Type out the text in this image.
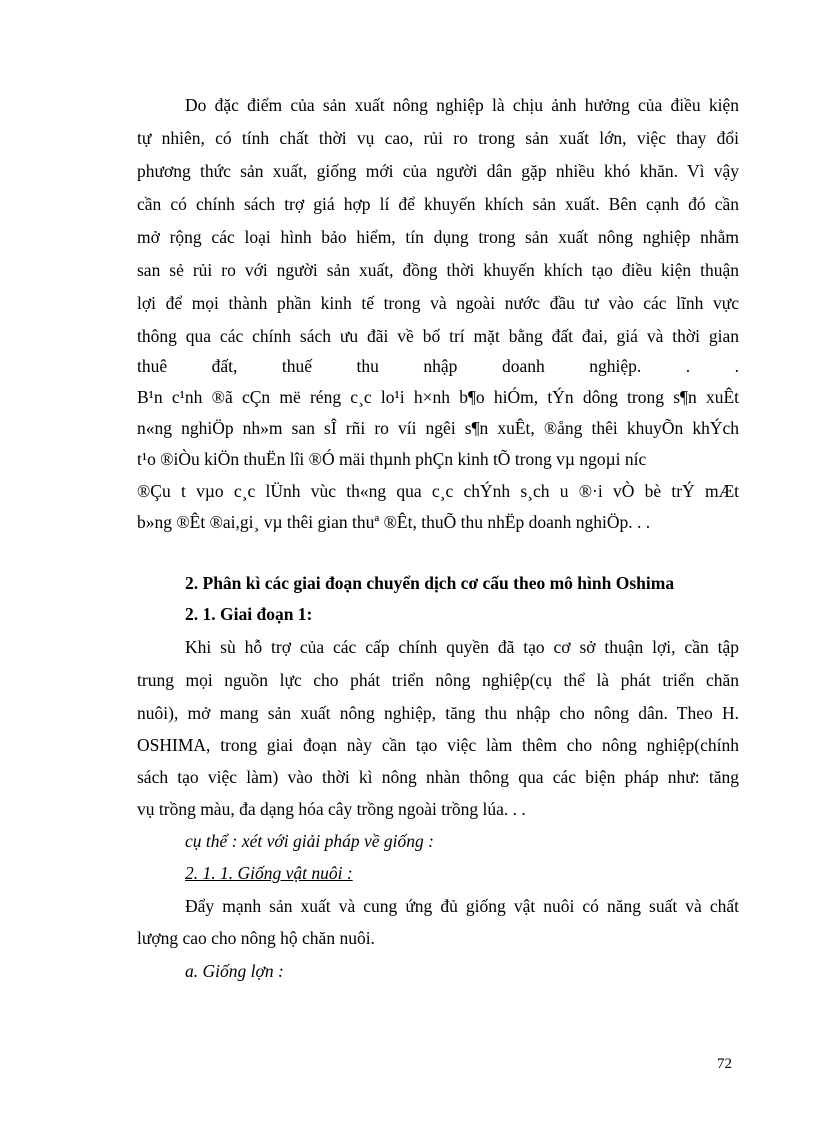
Do đặc điểm của sản xuất nông nghiệp là chịu ảnh hưởng của điều kiện
tự nhiên, có tính chất thời vụ cao, rủi ro trong sản xuất lớn, việc thay đổi
phương thức sản xuất, giống mới của người dân gặp nhiều khó khăn. Vì vậy
cần có chính sách trợ giá hợp lí để khuyến khích sản xuất. Bên cạnh đó cần
mở rộng các loại hình bảo hiểm, tín dụng trong sản xuất nông nghiệp nhằm
san sẻ rủi ro với người sản xuất, đồng thời khuyến khích tạo điều kiện thuận
lợi để mọi thành phần kinh tế trong và ngoài nước đầu tư vào các lĩnh vực
thông qua các chính sách ưu đãi về bố trí mặt bằng đất đai, giá và thời gian
thuê đất, thuế thu nhập doanh nghiệp. . .
B¹n c¹nh ®ã cÇn më réng c¸c lo¹i h×nh b¶o hiÓm, tÝn dông trong s¶n xuÊt
n«ng nghiÖp nh»m san sÎ rñi ro víi ngêi s¶n xuÊt, ®ång thêi khuyÕn khÝch
t¹o ®iÒu kiÖn thuËn lîi ®Ó mäi thµnh phÇn kinh tÕ trong vµ ngoµi níc
®Çu t vµo c¸c lÜnh vùc th«ng qua c¸c chÝnh s¸ch u ®·i vÒ bè trÝ mÆt
b»ng ®Êt ®ai,gi¸ vµ thêi gian thuª ®Êt, thuÕ thu nhËp doanh nghiÖp. . .
2. Phân kì các giai đoạn chuyển dịch cơ cấu theo mô hình Oshima
2. 1. Giai đoạn 1:
Khi sù hỗ trợ của các cấp chính quyền đã tạo cơ sở thuận lợi, cần tập
trung mọi nguồn lực cho phát triển nông nghiệp(cụ thể là phát triển chăn
nuôi), mở mang sản xuất nông nghiệp, tăng thu nhập cho nông dân. Theo H.
OSHIMA, trong giai đoạn này cần tạo việc làm thêm cho nông nghiệp(chính
sách tạo việc làm) vào thời kì nông nhàn thông qua các biện pháp như: tăng
vụ trồng màu, đa dạng hóa cây trồng ngoài trồng lúa. . .
cụ thể : xét với giải pháp về giống :
2. 1. 1. Giống vật nuôi :
Đẩy mạnh sản xuất và cung ứng đủ giống vật nuôi có năng suất và chất
lượng cao cho nông hộ chăn nuôi.
a. Giống lợn :
72
